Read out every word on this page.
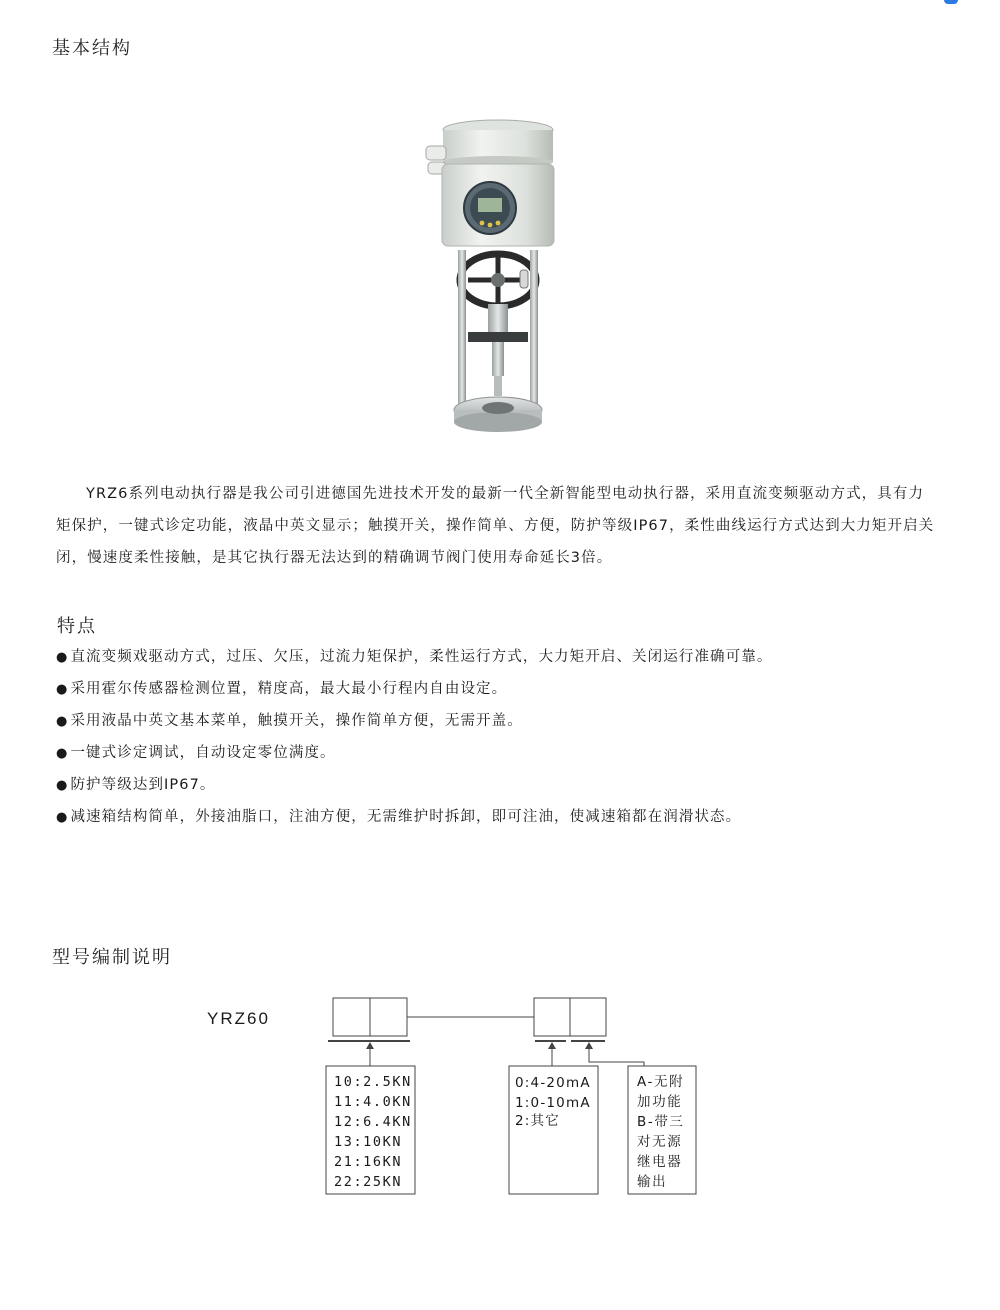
基本结构

YRZ6系列电动执行器是我公司引进德国先进技术开发的最新一代全新智能型电动执行器，采用直流变频驱动方式，具有力矩保护，一键式诊定功能，液晶中英文显示；触摸开关，操作简单、方便，防护等级IP67，柔性曲线运行方式达到大力矩开启关闭，慢速度柔性接触，是其它执行器无法达到的精确调节阀门使用寿命延长3倍。

特点
● 直流变频戏驱动方式，过压、欠压，过流力矩保护，柔性运行方式，大力矩开启、关闭运行准确可靠。
● 采用霍尔传感器检测位置，精度高，最大最小行程内自由设定。
● 采用液晶中英文基本菜单，触摸开关，操作简单方便，无需开盖。
● 一键式诊定调试，自动设定零位满度。
● 防护等级达到IP67。
● 减速箱结构简单，外接油脂口，注油方便，无需维护时拆卸，即可注油，使减速箱都在润滑状态。
型号编制说明
YRZ60
10:2.5KN
11:4.0KN
12:6.4KN
13:10KN
21:16KN
22:25KN
0:4-20mA
1:0-10mA
2:其它
A-无附
加功能
B-带三
对无源
继电器
输出
